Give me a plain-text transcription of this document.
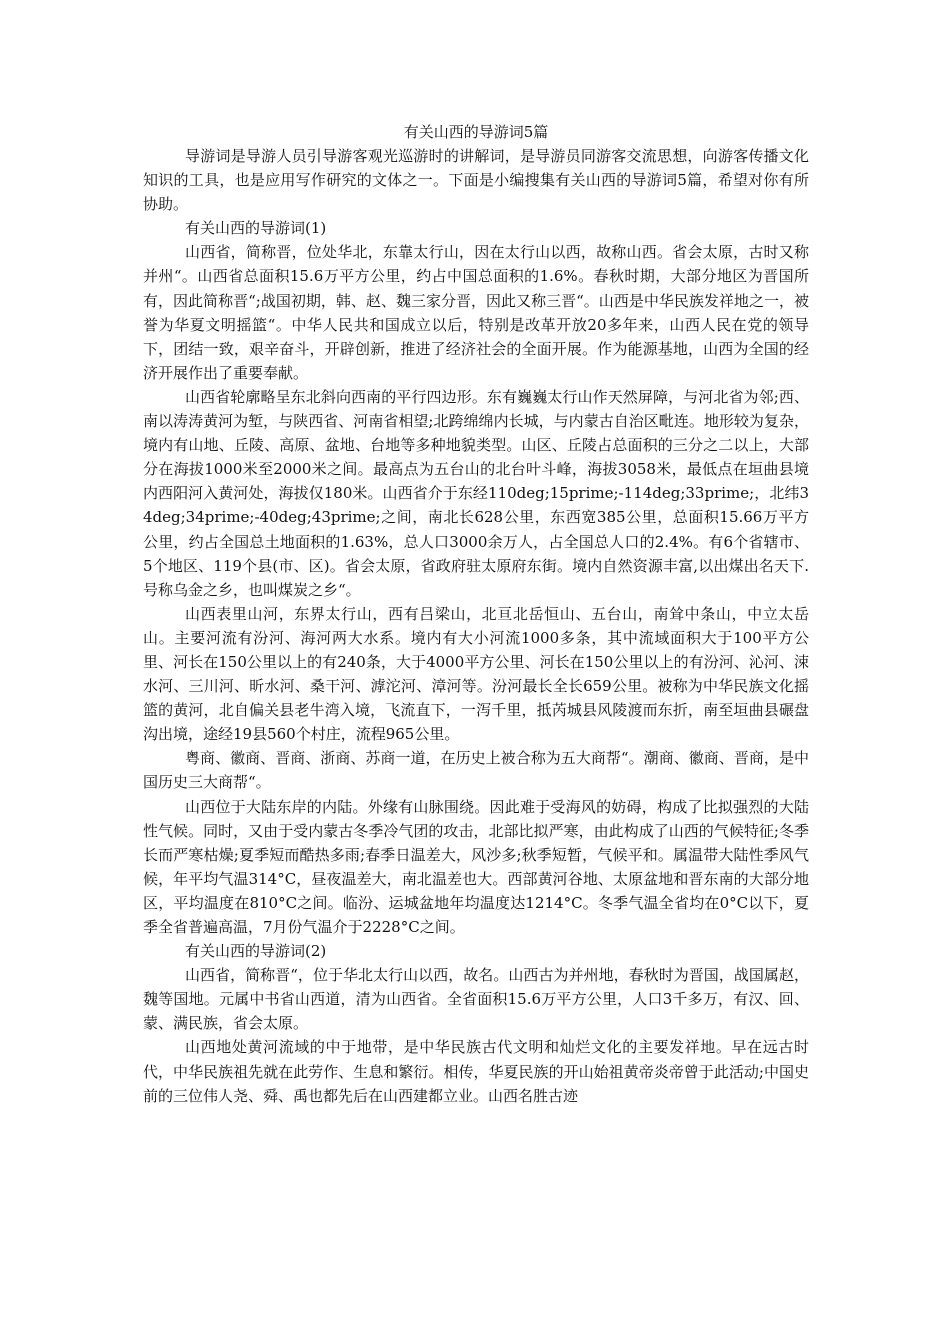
有关山西的导游词5篇

导游词是导游人员引导游客观光巡游时的讲解词，是导游员同游客交流思想，向游客传播文化知识的工具，也是应用写作研究的文体之一。下面是小编搜集有关山西的导游词5篇，希望对你有所协助。

有关山西的导游词(1)

山西省，简称晋，位处华北，东靠太行山，因在太行山以西，故称山西。省会太原，古时又称并州“。山西省总面积15.6万平方公里，约占中国总面积的1.6%。春秋时期，大部分地区为晋国所有，因此简称晋“;战国初期，韩、赵、魏三家分晋，因此又称三晋“。山西是中华民族发祥地之一，被誉为华夏文明摇篮“。中华人民共和国成立以后，特别是改革开放20多年来，山西人民在党的领导下，团结一致，艰辛奋斗，开辟创新，推进了经济社会的全面开展。作为能源基地，山西为全国的经济开展作出了重要奉献。

山西省轮廓略呈东北斜向西南的平行四边形。东有巍巍太行山作天然屏障，与河北省为邻;西、南以涛涛黄河为堑，与陕西省、河南省相望;北跨绵绵内长城，与内蒙古自治区毗连。地形较为复杂，境内有山地、丘陵、高原、盆地、台地等多种地貌类型。山区、丘陵占总面积的三分之二以上，大部分在海拔1000米至2000米之间。最高点为五台山的北台叶斗峰，海拔3058米，最低点在垣曲县境内西阳河入黄河处，海拔仅180米。山西省介于东经110deg;15prime;-114deg;33prime;，北纬34deg;34prime;-40deg;43prime;之间，南北长628公里，东西宽385公里，总面积15.66万平方公里，约占全国总土地面积的1.63%，总人口3000余万人，占全国总人口的2.4%。有6个省辖市、5个地区、119个县(市、区)。省会太原，省政府驻太原府东街。境内自然资源丰富,以出煤出名天下.号称乌金之乡，也叫煤炭之乡“。

山西表里山河，东界太行山，西有吕梁山，北亘北岳恒山、五台山，南耸中条山，中立太岳山。主要河流有汾河、海河两大水系。境内有大小河流1000多条，其中流域面积大于100平方公里、河长在150公里以上的有240条，大于4000平方公里、河长在150公里以上的有汾河、沁河、涑水河、三川河、昕水河、桑干河、滹沱河、漳河等。汾河最长全长659公里。被称为中华民族文化摇篮的黄河，北自偏关县老牛湾入境，飞流直下，一泻千里，抵芮城县风陵渡而东折，南至垣曲县碾盘沟出境，途经19县560个村庄，流程965公里。

粤商、徽商、晋商、浙商、苏商一道，在历史上被合称为五大商帮“。潮商、徽商、晋商，是中国历史三大商帮“。

山西位于大陆东岸的内陆。外缘有山脉围绕。因此难于受海风的妨碍，构成了比拟强烈的大陆性气候。同时，又由于受内蒙古冬季冷气团的攻击，北部比拟严寒，由此构成了山西的气候特征;冬季长而严寒枯燥;夏季短而酷热多雨;春季日温差大，风沙多;秋季短暂，气候平和。属温带大陆性季风气候，年平均气温314°C，昼夜温差大，南北温差也大。西部黄河谷地、太原盆地和晋东南的大部分地区，平均温度在810°C之间。临汾、运城盆地年均温度达1214°C。冬季气温全省均在0°C以下，夏季全省普遍高温，7月份气温介于2228°C之间。

有关山西的导游词(2)

山西省，简称晋“，位于华北太行山以西，故名。山西古为并州地，春秋时为晋国，战国属赵，魏等国地。元属中书省山西道，清为山西省。全省面积15.6万平方公里，人口3千多万，有汉、回、蒙、满民族，省会太原。

山西地处黄河流域的中于地带，是中华民族古代文明和灿烂文化的主要发祥地。早在远古时代，中华民族祖先就在此劳作、生息和繁衍。相传，华夏民族的开山始祖黄帝炎帝曾于此活动;中国史前的三位伟人尧、舜、禹也都先后在山西建都立业。山西名胜古迹
